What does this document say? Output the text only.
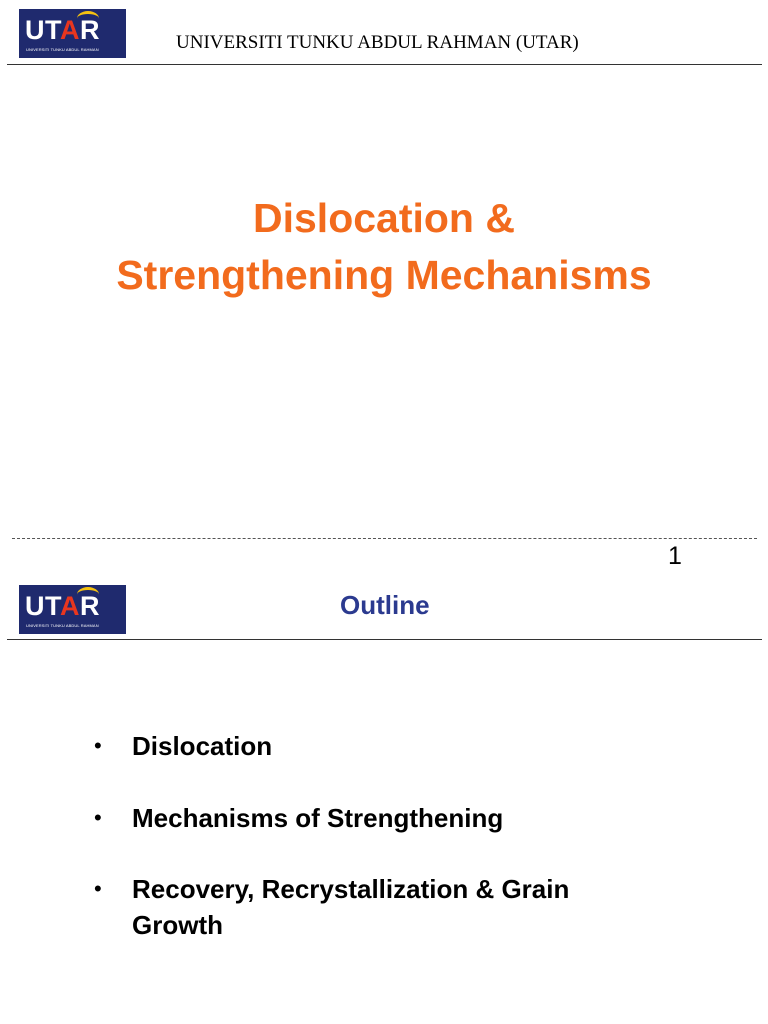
UTAR
UNIVERSITI TUNKU ABDUL RAHMAN	UNIVERSITI TUNKU ABDUL RAHMAN (UTAR)
Dislocation &
Strengthening Mechanisms
1
UTAR
UNIVERSITI TUNKU ABDUL RAHMAN
Outline
• Dislocation
• Mechanisms of Strengthening
• Recovery, Recrystallization & Grain Growth
